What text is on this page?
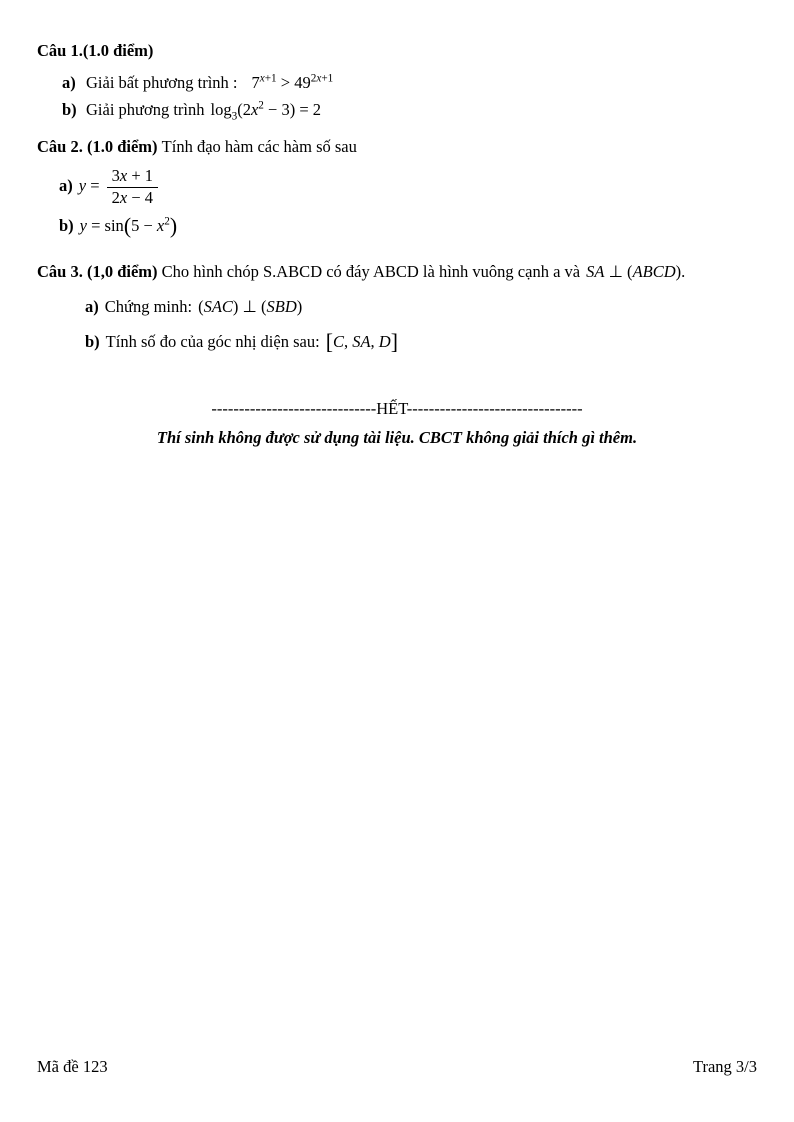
Câu 1.(1.0 điểm)
a) Giải bất phương trình : $7^{x+1} > 49^{2x+1}$
b) Giải phương trình $\log_3(2x^2 - 3) = 2$
Câu 2. (1.0 điểm) Tính đạo hàm các hàm số sau
a) $y = \frac{3x + 1}{2x - 4}$
b) $y = \sin(5 - x^2)$
Câu 3. (1,0 điểm) Cho hình chóp S.ABCD có đáy ABCD là hình vuông cạnh a và SA ⊥ (ABCD).
a) Chứng minh: (SAC) ⊥ (SBD)
b) Tính số đo của góc nhị diện sau: [C, SA, D]
------------------------------HẾT--------------------------------
Thí sinh không được sử dụng tài liệu. CBCT không giải thích gì thêm.
Mã đề 123	Trang 3/3
